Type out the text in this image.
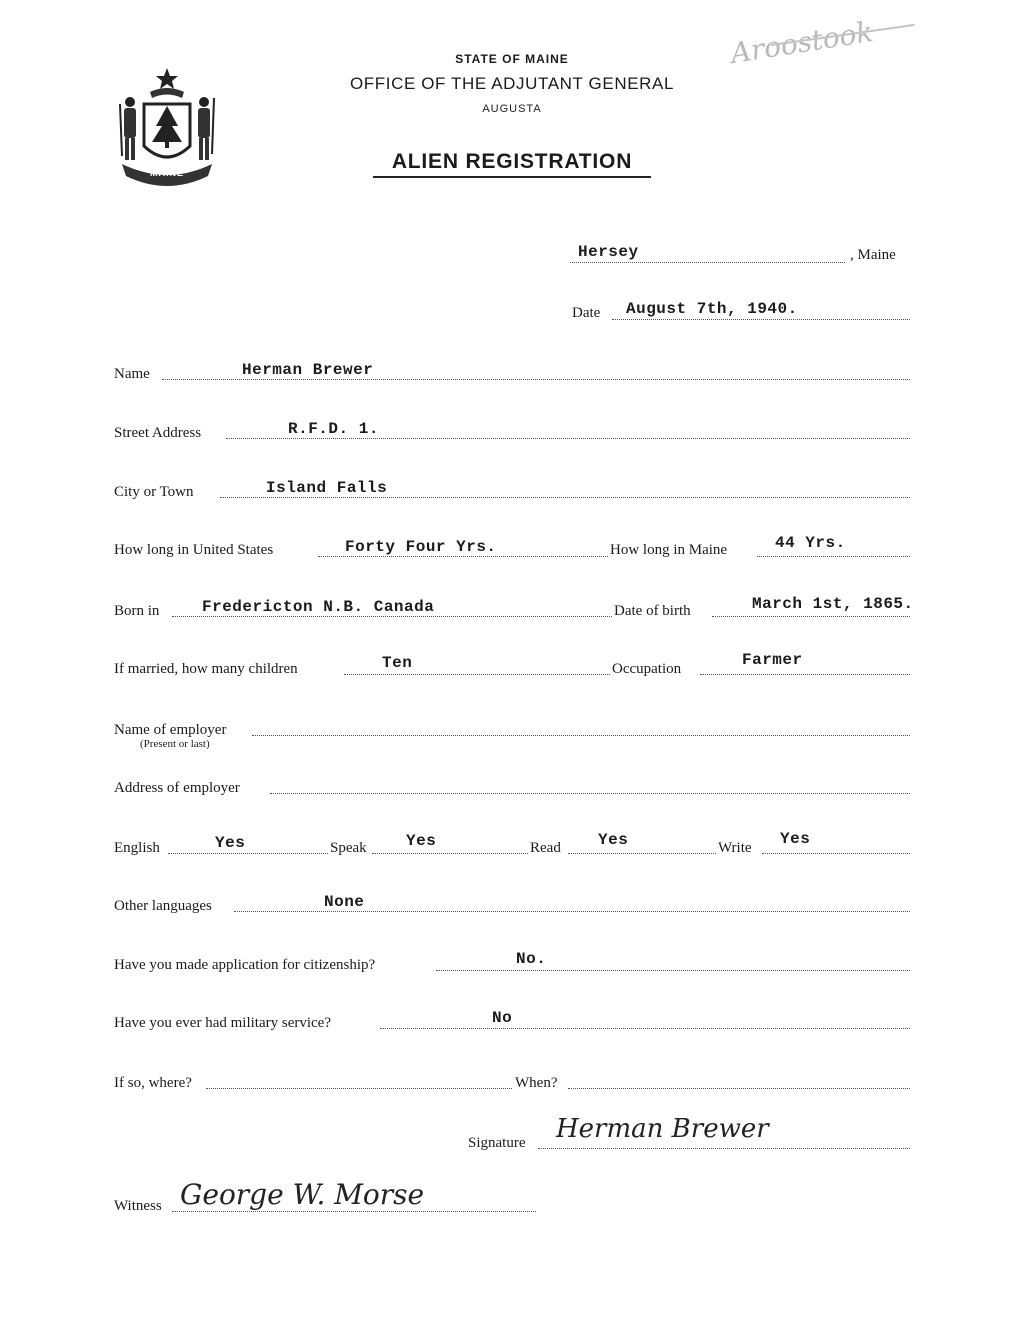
STATE OF MAINE
OFFICE OF THE ADJUTANT GENERAL
AUGUSTA
ALIEN REGISTRATION
Aroostook
MAINE
Hersey	, Maine
Date August 7th, 1940.
Name	Herman Brewer
Street Address	R.F.D. 1.
City or Town	Island Falls
How long in United States	Forty Four Yrs.	How long in Maine	44 Yrs.
Born in	Fredericton N.B. Canada	Date of birth	March 1st, 1865.
If married, how many children	Ten	Occupation	Farmer
Name of employer
(Present or last)
Address of employer
English	Yes	Speak Yes	Read Yes	Write Yes
Other languages	None
Have you made application for citizenship?	No.
Have you ever had military service?	No
If so, where?	When?
Signature Herman Brewer
Witness George W. Morse
